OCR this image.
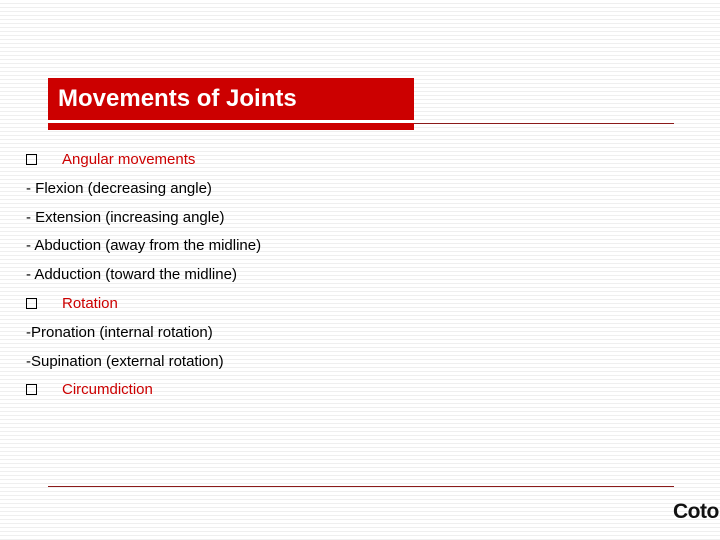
Movements of Joints
Angular movements
- Flexion (decreasing angle)
- Extension (increasing angle)
- Abduction (away from the midline)
- Adduction (toward the midline)
Rotation
-Pronation (internal rotation)
-Supination (external rotation)
Circumdiction
Coto
